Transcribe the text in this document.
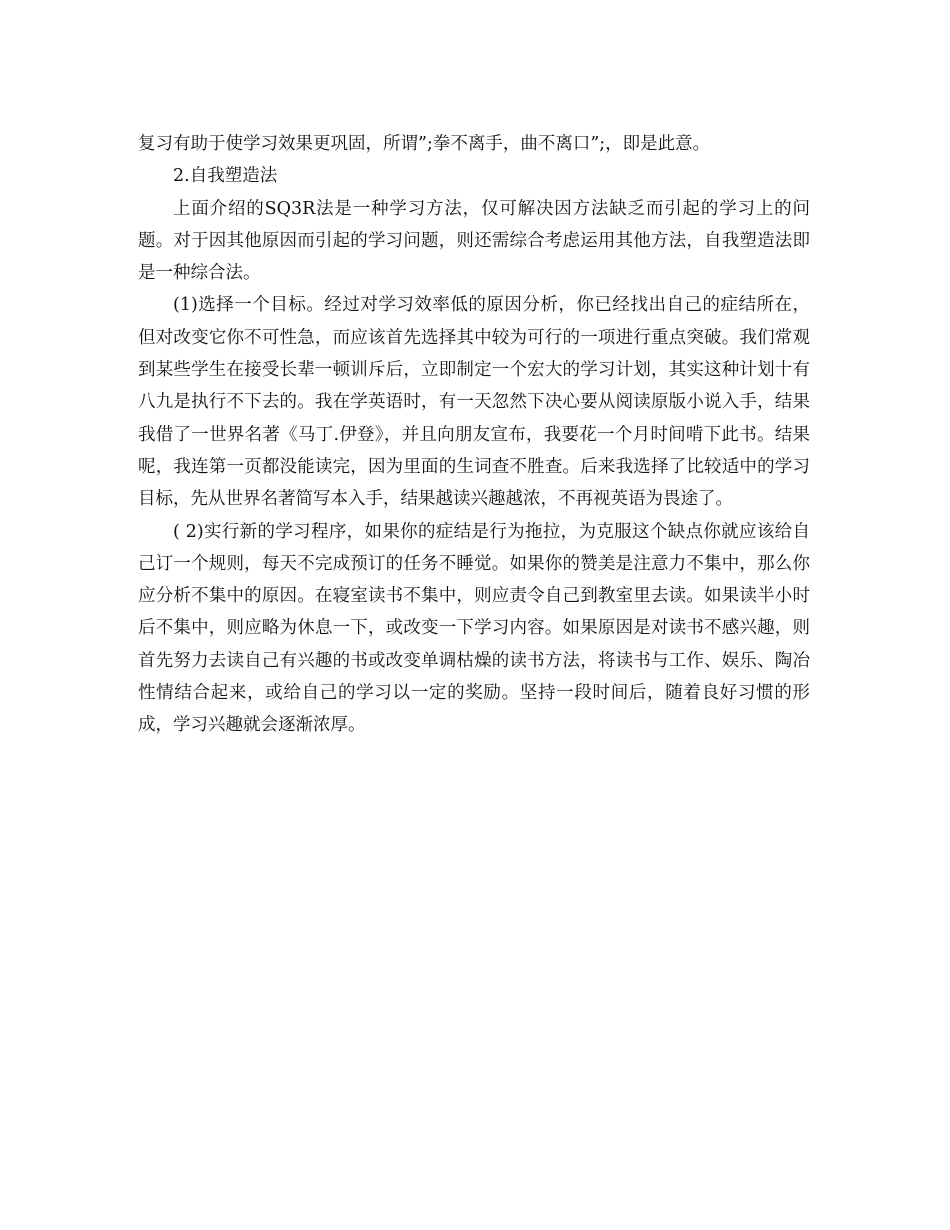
复习有助于使学习效果更巩固，所谓”;拳不离手，曲不离口”;，即是此意。

2.自我塑造法

上面介绍的SQ3R法是一种学习方法，仅可解决因方法缺乏而引起的学习上的问题。对于因其他原因而引起的学习问题，则还需综合考虑运用其他方法，自我塑造法即是一种综合法。

(1)选择一个目标。经过对学习效率低的原因分析，你已经找出自己的症结所在，但对改变它你不可性急，而应该首先选择其中较为可行的一项进行重点突破。我们常观到某些学生在接受长辈一顿训斥后，立即制定一个宏大的学习计划，其实这种计划十有八九是执行不下去的。我在学英语时，有一天忽然下决心要从阅读原版小说入手，结果我借了一世界名著《马丁.伊登》，并且向朋友宣布，我要花一个月时间啃下此书。结果呢，我连第一页都没能读完，因为里面的生词查不胜查。后来我选择了比较适中的学习目标，先从世界名著简写本入手，结果越读兴趣越浓，不再视英语为畏途了。

( 2)实行新的学习程序，如果你的症结是行为拖拉，为克服这个缺点你就应该给自己订一个规则，每天不完成预订的任务不睡觉。如果你的赞美是注意力不集中，那么你应分析不集中的原因。在寝室读书不集中，则应责令自己到教室里去读。如果读半小时后不集中，则应略为休息一下，或改变一下学习内容。如果原因是对读书不感兴趣，则首先努力去读自己有兴趣的书或改变单调枯燥的读书方法，将读书与工作、娱乐、陶冶性情结合起来，或给自己的学习以一定的奖励。坚持一段时间后，随着良好习惯的形成，学习兴趣就会逐渐浓厚。
